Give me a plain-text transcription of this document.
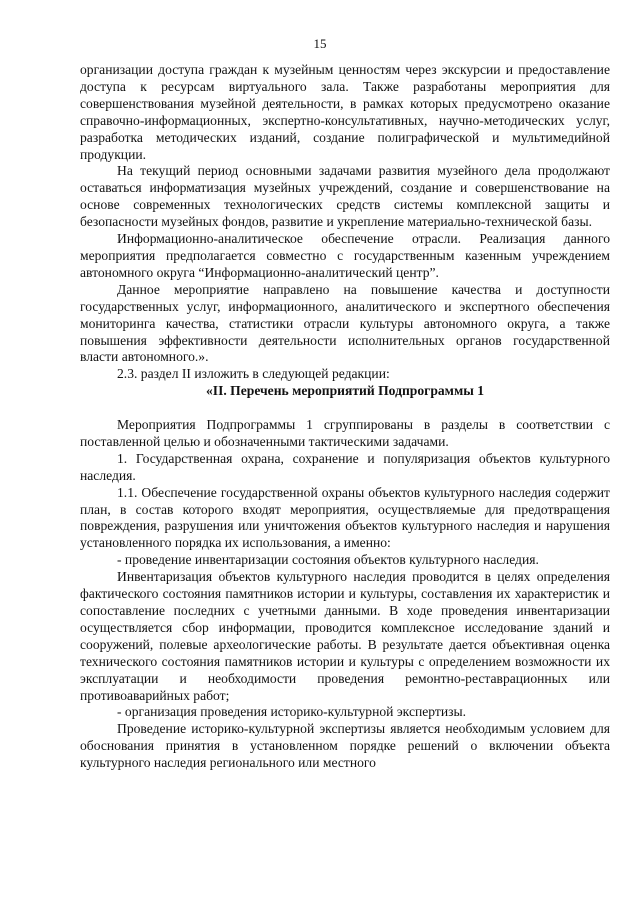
15

организации доступа граждан к музейным ценностям через экскурсии и предоставление доступа к ресурсам виртуального зала. Также разработаны мероприятия для совершенствования музейной деятельности, в рамках которых предусмотрено оказание справочно-информационных, экспертно-консультативных, научно-методических услуг, разработка методических изданий, создание полиграфической и мультимедийной продукции.

На текущий период основными задачами развития музейного дела продолжают оставаться информатизация музейных учреждений, создание и совершенствование на основе современных технологических средств системы комплексной защиты и безопасности музейных фондов, развитие и укрепление материально-технической базы.

Информационно-аналитическое обеспечение отрасли. Реализация данного мероприятия предполагается совместно с государственным казенным учреждением автономного округа “Информационно-аналитический центр”.

Данное мероприятие направлено на повышение качества и доступности государственных услуг, информационного, аналитического и экспертного обеспечения мониторинга качества, статистики отрасли культуры автономного округа, а также повышения эффективности деятельности исполнительных органов государственной власти автономного.».

2.3. раздел II изложить в следующей редакции:

«II. Перечень мероприятий Подпрограммы 1

Мероприятия Подпрограммы 1 сгруппированы в разделы в соответствии с поставленной целью и обозначенными тактическими задачами.

1. Государственная охрана, сохранение и популяризация объектов культурного наследия.

1.1. Обеспечение государственной охраны объектов культурного наследия содержит план, в состав которого входят мероприятия, осуществляемые для предотвращения повреждения, разрушения или уничтожения объектов культурного наследия и нарушения установленного порядка их использования, а именно:

- проведение инвентаризации состояния объектов культурного наследия.

Инвентаризация объектов культурного наследия проводится в целях определения фактического состояния памятников истории и культуры, составления их характеристик и сопоставление последних с учетными данными. В ходе проведения инвентаризации осуществляется сбор информации, проводится комплексное исследование зданий и сооружений, полевые археологические работы. В результате дается объективная оценка технического состояния памятников истории и культуры с определением возможности их эксплуатации и необходимости проведения ремонтно-реставрационных или противоаварийных работ;

- организация проведения историко-культурной экспертизы.

Проведение историко-культурной экспертизы является необходимым условием для обоснования принятия в установленном порядке решений о включении объекта культурного наследия регионального или местного
